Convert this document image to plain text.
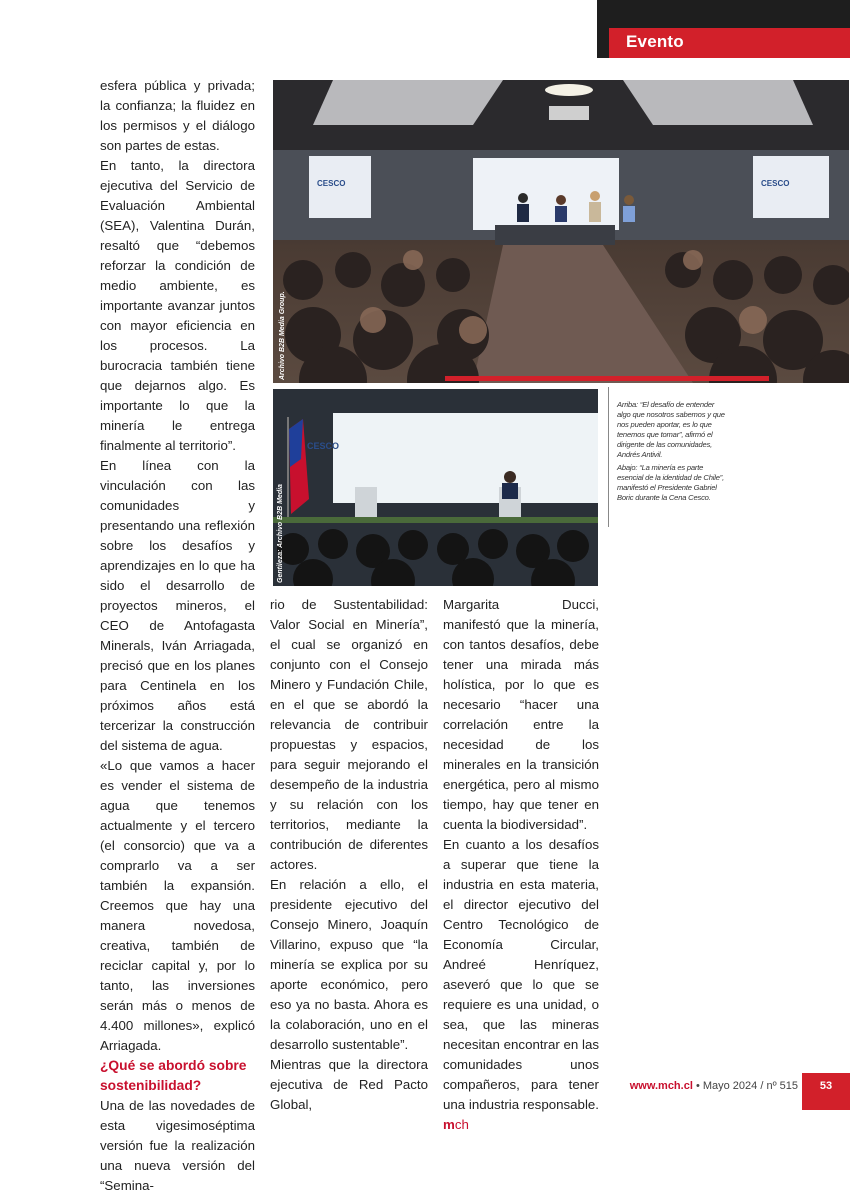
Evento

esfera pública y privada; la confianza; la fluidez en los permisos y el diálogo son partes de estas.

En tanto, la directora ejecutiva del Servicio de Evaluación Ambiental (SEA), Valentina Durán, resaltó que “debemos reforzar la condición de medio ambiente, es importante avanzar juntos con mayor eficiencia en los procesos. La burocracia también tiene que dejarnos algo. Es importante lo que la minería le entrega finalmente al territorio”.

En línea con la vinculación con las comunidades y presentando una reflexión sobre los desafíos y aprendizajes en lo que ha sido el desarrollo de proyectos mineros, el CEO de Antofagasta Minerals, Iván Arriagada, precisó que en los planes para Centinela en los próximos años está tercerizar la construcción del sistema de agua.

«Lo que vamos a hacer es vender el sistema de agua que tenemos actualmente y el tercero (el consorcio) que va a comprarlo va a ser también la expansión. Creemos que hay una manera novedosa, creativa, también de reciclar capital y, por lo tanto, las inversiones serán más o menos de 4.400 millones», explicó Arriagada.

¿Qué se abordó sobre sostenibilidad?

Una de las novedades de esta vigesimoséptima versión fue la realización una nueva versión del “Semina-

CESCO	CESCO
Archivo B2B Media Group.
CESCO
Gentileza: Archivo B2B Media

Arriba: “El desafío de entender algo que nosotros sabemos y que nos pueden aportar, es lo que tenemos que tomar”, afirmó el dirigente de las comunidades, Andrés Antivil.

Abajo: “La minería es parte esencial de la identidad de Chile”, manifestó el Presidente Gabriel Boric durante la Cena Cesco.

rio de Sustentabilidad: Valor Social en Minería”, el cual se organizó en conjunto con el Consejo Minero y Fundación Chile, en el que se abordó la relevancia de contribuir propuestas y espacios, para seguir mejorando el desempeño de la industria y su relación con los territorios, mediante la contribución de diferentes actores.

En relación a ello, el presidente ejecutivo del Consejo Minero, Joaquín Villarino, expuso que “la minería se explica por su aporte económico, pero eso ya no basta. Ahora es la colaboración, uno en el desarrollo sustentable”.

Mientras que la directora ejecutiva de Red Pacto Global,

Margarita Ducci, manifestó que la minería, con tantos desafíos, debe tener una mirada más holística, por lo que es necesario “hacer una correlación entre la necesidad de los minerales en la transición energética, pero al mismo tiempo, hay que tener en cuenta la biodiversidad”.

En cuanto a los desafíos a superar que tiene la industria en esta materia, el director ejecutivo del Centro Tecnológico de Economía Circular, Andreé Henríquez, aseveró que lo que se requiere es una unidad, o sea, que las mineras necesitan encontrar en las comunidades unos compañeros, para tener una industria responsable. mch

www.mch.cl • Mayo 2024 / nº 515	53
